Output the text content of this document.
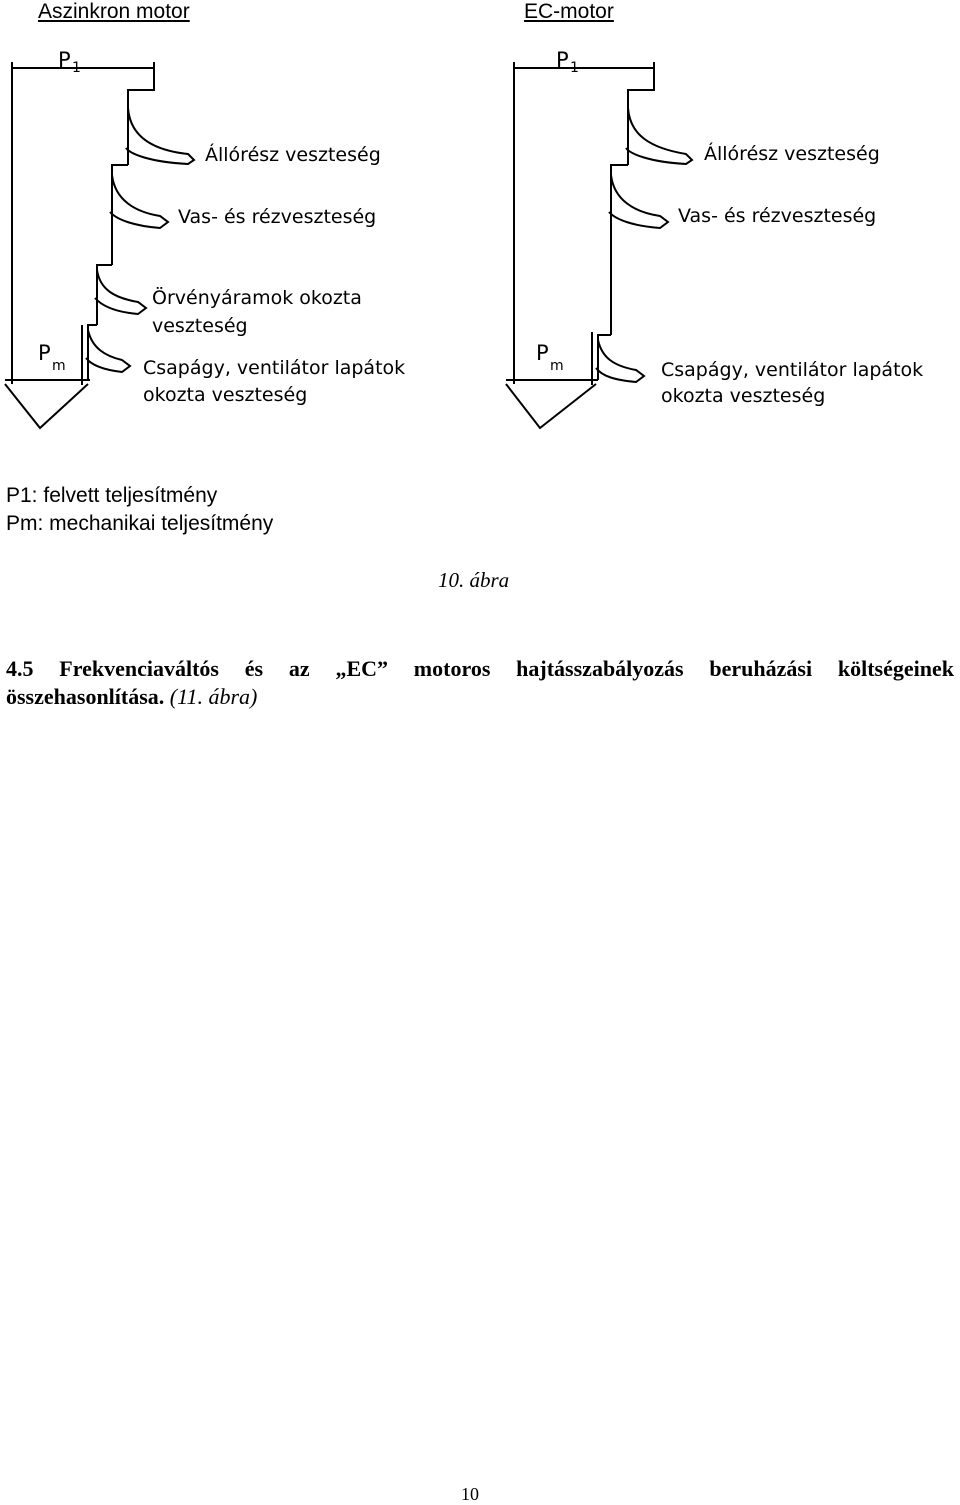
Aszinkron motor	EC-motor
P 1
Állórész veszteség
Vas- és rézveszteség
Örvényáramok okozta
veszteség
Csapágy, ventilátor lapátok
okozta veszteség
P
m
P 1
Állórész veszteség
Vas- és rézveszteség
Csapágy, ventilátor lapátok
okozta veszteség
P
m
P1: felvett teljesítmény
Pm: mechanikai teljesítmény
10. ábra
4.5 Frekvenciaváltós és az „EC” motoros hajtásszabályozás beruházási költségeinek összehasonlítása. (11. ábra)
10
